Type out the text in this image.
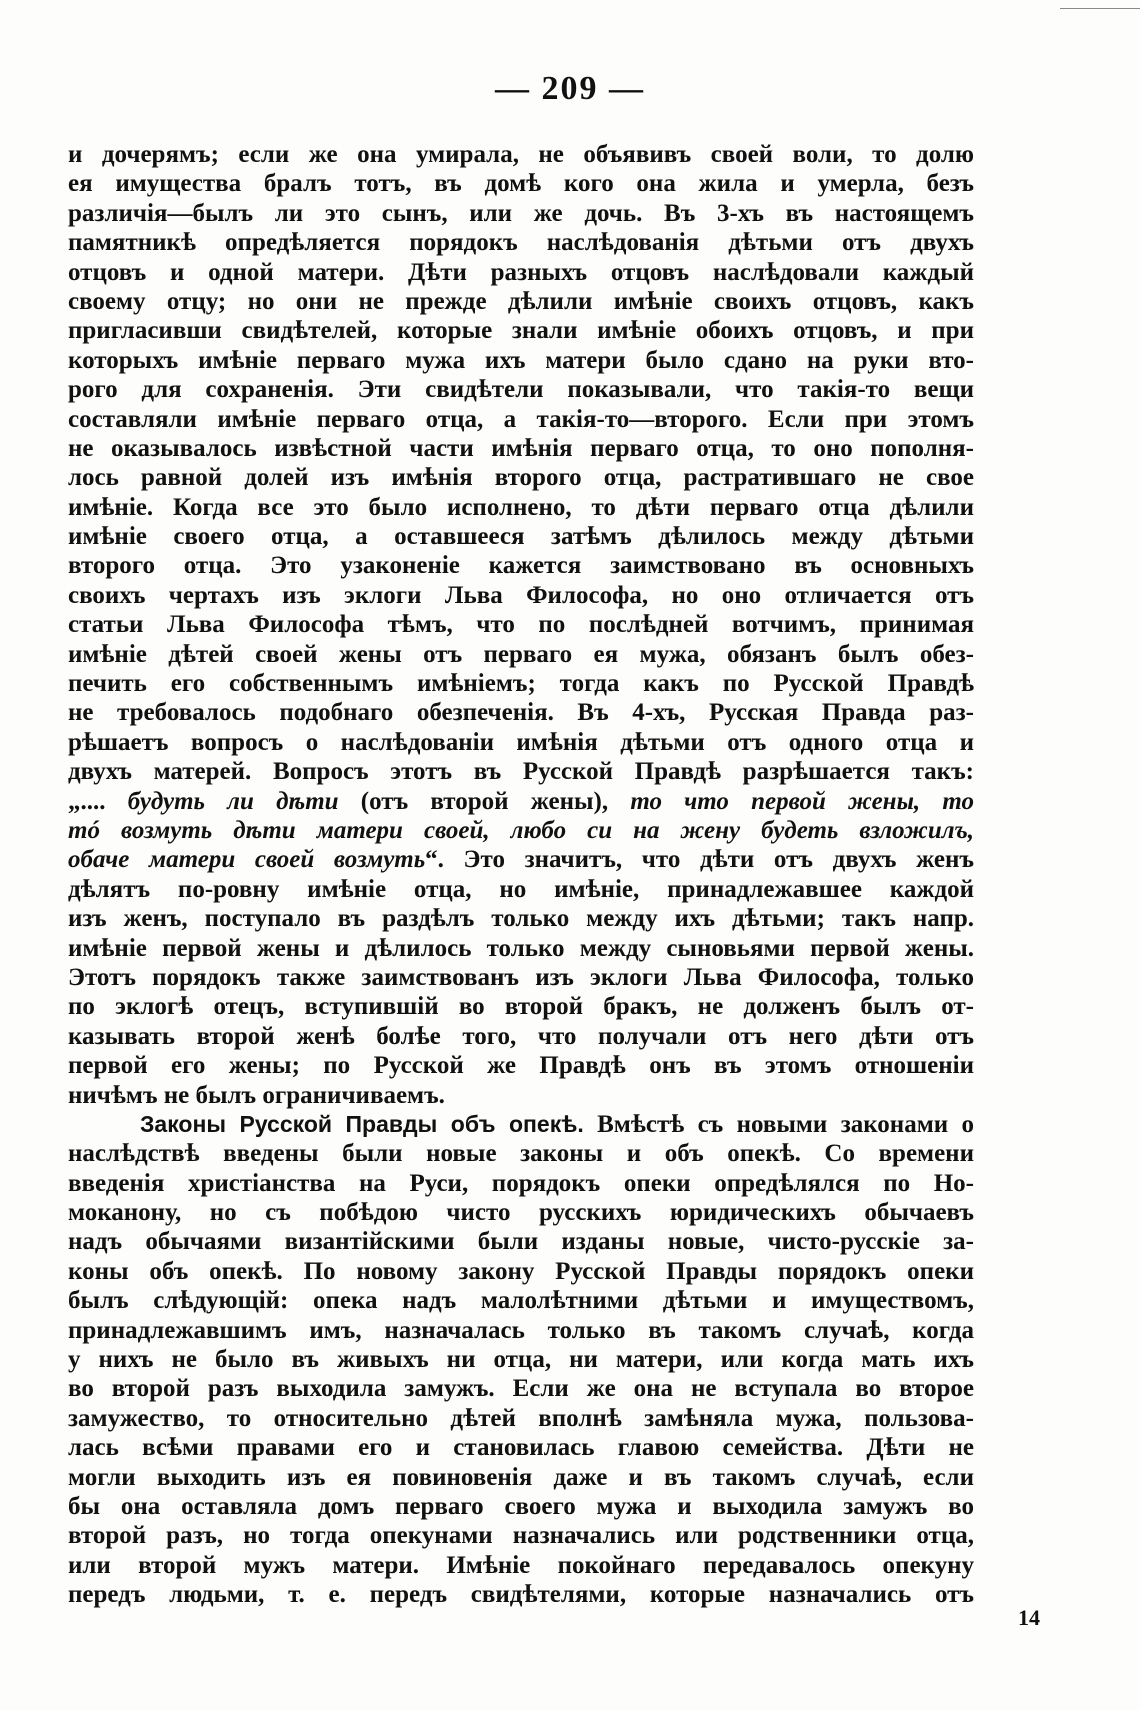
— 209 —
и дочерямъ; если же она умирала, не объявивъ своей воли, то долю
ея имущества бралъ тотъ, въ домѣ кого она жила и умерла, безъ
различія—былъ ли это сынъ, или же дочь. Въ 3-хъ въ настоящемъ
памятникѣ опредѣляется порядокъ наслѣдованія дѣтьми отъ двухъ
отцовъ и одной матери. Дѣти разныхъ отцовъ наслѣдовали каждый
своему отцу; но они не прежде дѣлили имѣніе своихъ отцовъ, какъ
пригласивши свидѣтелей, которые знали имѣніе обоихъ отцовъ, и при
которыхъ имѣніе перваго мужа ихъ матери было сдано на руки вто-
рого для сохраненія. Эти свидѣтели показывали, что такія-то вещи
составляли имѣніе перваго отца, а такія-то—второго. Если при этомъ
не оказывалось извѣстной части имѣнія перваго отца, то оно пополня-
лось равной долей изъ имѣнія второго отца, растратившаго не свое
имѣніе. Когда все это было исполнено, то дѣти перваго отца дѣлили
имѣніе своего отца, а оставшееся затѣмъ дѣлилось между дѣтьми
второго отца. Это узаконеніе кажется заимствовано въ основныхъ
своихъ чертахъ изъ эклоги Льва Философа, но оно отличается отъ
статьи Льва Философа тѣмъ, что по послѣдней вотчимъ, принимая
имѣніе дѣтей своей жены отъ перваго ея мужа, обязанъ былъ обез-
печить его собственнымъ имѣніемъ; тогда какъ по Русской Правдѣ
не требовалось подобнаго обезпеченія. Въ 4-хъ, Русская Правда раз-
рѣшаетъ вопросъ о наслѣдованіи имѣнія дѣтьми отъ одного отца и
двухъ матерей. Вопросъ этотъ въ Русской Правдѣ разрѣшается такъ:
„.... будуть ли дѣти (отъ второй жены), то что первой жены, то
тó возмуть дѣти матери своей, любо си на жену будеть взложилъ,
обаче матери своей возмуть“. Это значитъ, что дѣти отъ двухъ женъ
дѣлятъ по-ровну имѣніе отца, но имѣніе, принадлежавшее каждой
изъ женъ, поступало въ раздѣлъ только между ихъ дѣтьми; такъ напр.
имѣніе первой жены и дѣлилось только между сыновьями первой жены.
Этотъ порядокъ также заимствованъ изъ эклоги Льва Философа, только
по эклогѣ отецъ, вступившій во второй бракъ, не долженъ былъ от-
казывать второй женѣ болѣе того, что получали отъ него дѣти отъ
первой его жены; по Русской же Правдѣ онъ въ этомъ отношеніи
ничѣмъ не былъ ограничиваемъ.
Законы Русской Правды объ опекѣ. Вмѣстѣ съ новыми законами о
наслѣдствѣ введены были новые законы и объ опекѣ. Со времени
введенія христіанства на Руси, порядокъ опеки опредѣлялся по Но-
моканону, но съ побѣдою чисто русскихъ юридическихъ обычаевъ
надъ обычаями византійскими были изданы новые, чисто-русскіе за-
коны объ опекѣ. По новому закону Русской Правды порядокъ опеки
былъ слѣдующій: опека надъ малолѣтними дѣтьми и имуществомъ,
принадлежавшимъ имъ, назначалась только въ такомъ случаѣ, когда
у нихъ не было въ живыхъ ни отца, ни матери, или когда мать ихъ
во второй разъ выходила замужъ. Если же она не вступала во второе
замужество, то относительно дѣтей вполнѣ замѣняла мужа, пользова-
лась всѣми правами его и становилась главою семейства. Дѣти не
могли выходить изъ ея повиновенія даже и въ такомъ случаѣ, если
бы она оставляла домъ перваго своего мужа и выходила замужъ во
второй разъ, но тогда опекунами назначались или родственники отца,
или второй мужъ матери. Имѣніе покойнаго передавалось опекуну
передъ людьми, т. е. передъ свидѣтелями, которые назначались отъ
14
